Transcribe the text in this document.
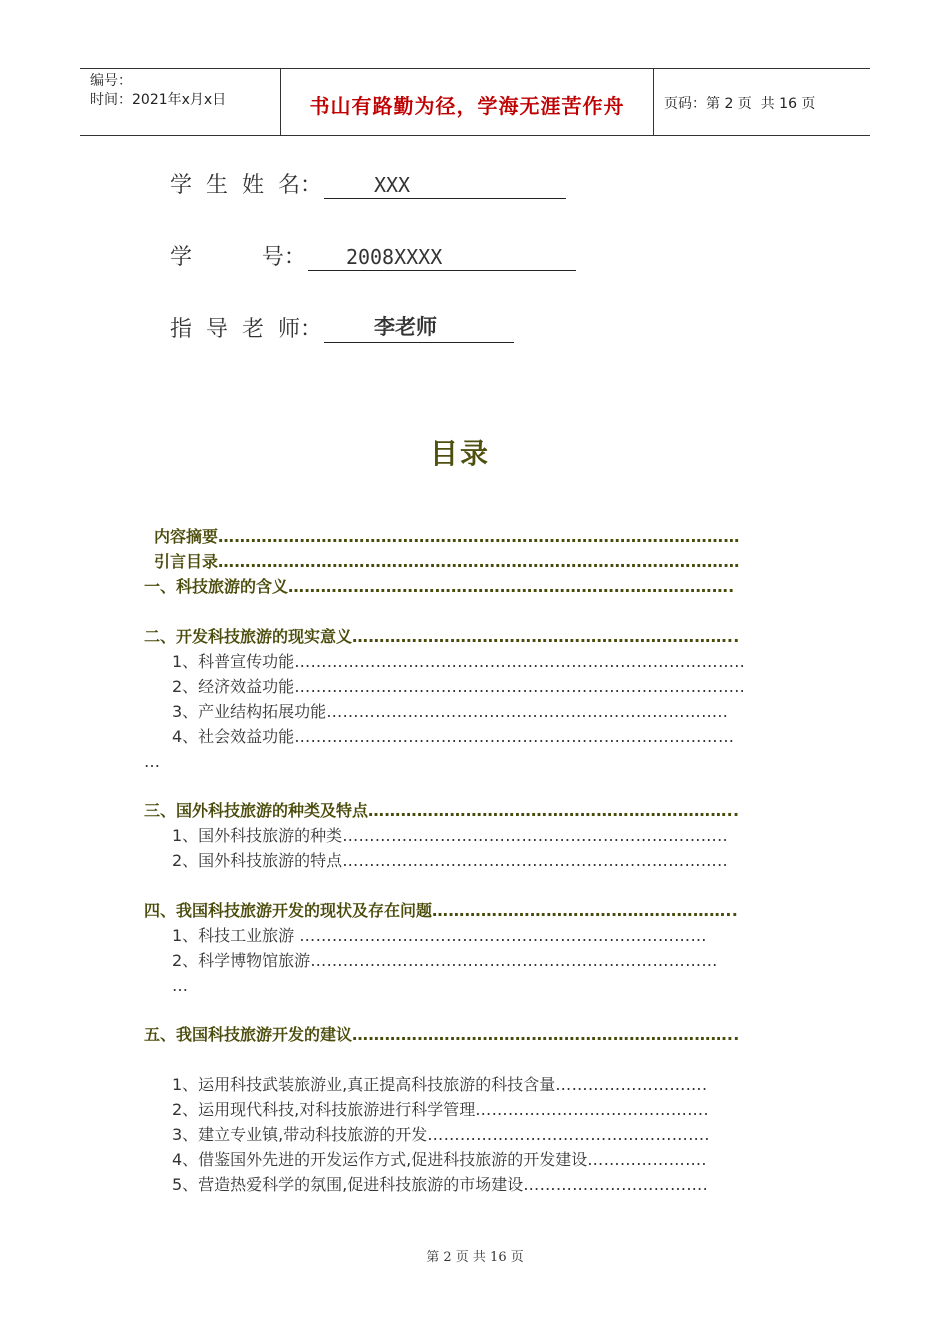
编号：
时间：2021年x月x日	书山有路勤为径，学海无涯苦作舟	页码：第 2 页  共 16 页
学  生  姓  名：	XXX
学          号： 2008XXXX
指  导  老  师： 李老师
目录
内容摘要……………………………………………………………………………………
引言目录……………………………………………………………………………………
一、科技旅游的含义……………………………………………………………………….
二、开发科技旅游的现实意义……………………………………………………………..
1、科普宣传功能………………………………………………………………………..
2、经济效益功能………………………………………………………………………..
3、产业结构拓展功能………………………………………………………………..
4、社会效益功能………………………………………………………………………
…
三、国外科技旅游的种类及特点…………………………………………………………..
1、国外科技旅游的种类……………………………………………………………..
2、国外科技旅游的特点……………………………………………………………..
四、我国科技旅游开发的现状及存在问题………………………………………………..
1、科技工业旅游 …………………………………………………………………
2、科学博物馆旅游…………………………………………………………………
…
五、我国科技旅游开发的建议……………………………………………………………..
1、运用科技武装旅游业,真正提高科技旅游的科技含量……………………….
2、运用现代科技,对科技旅游进行科学管理…………………………………….
3、建立专业镇,带动科技旅游的开发…………………………………………….
4、借鉴国外先进的开发运作方式,促进科技旅游的开发建设………………….
5、营造热爱科学的氛围,促进科技旅游的市场建设…………………………….
第 2 页 共 16 页
